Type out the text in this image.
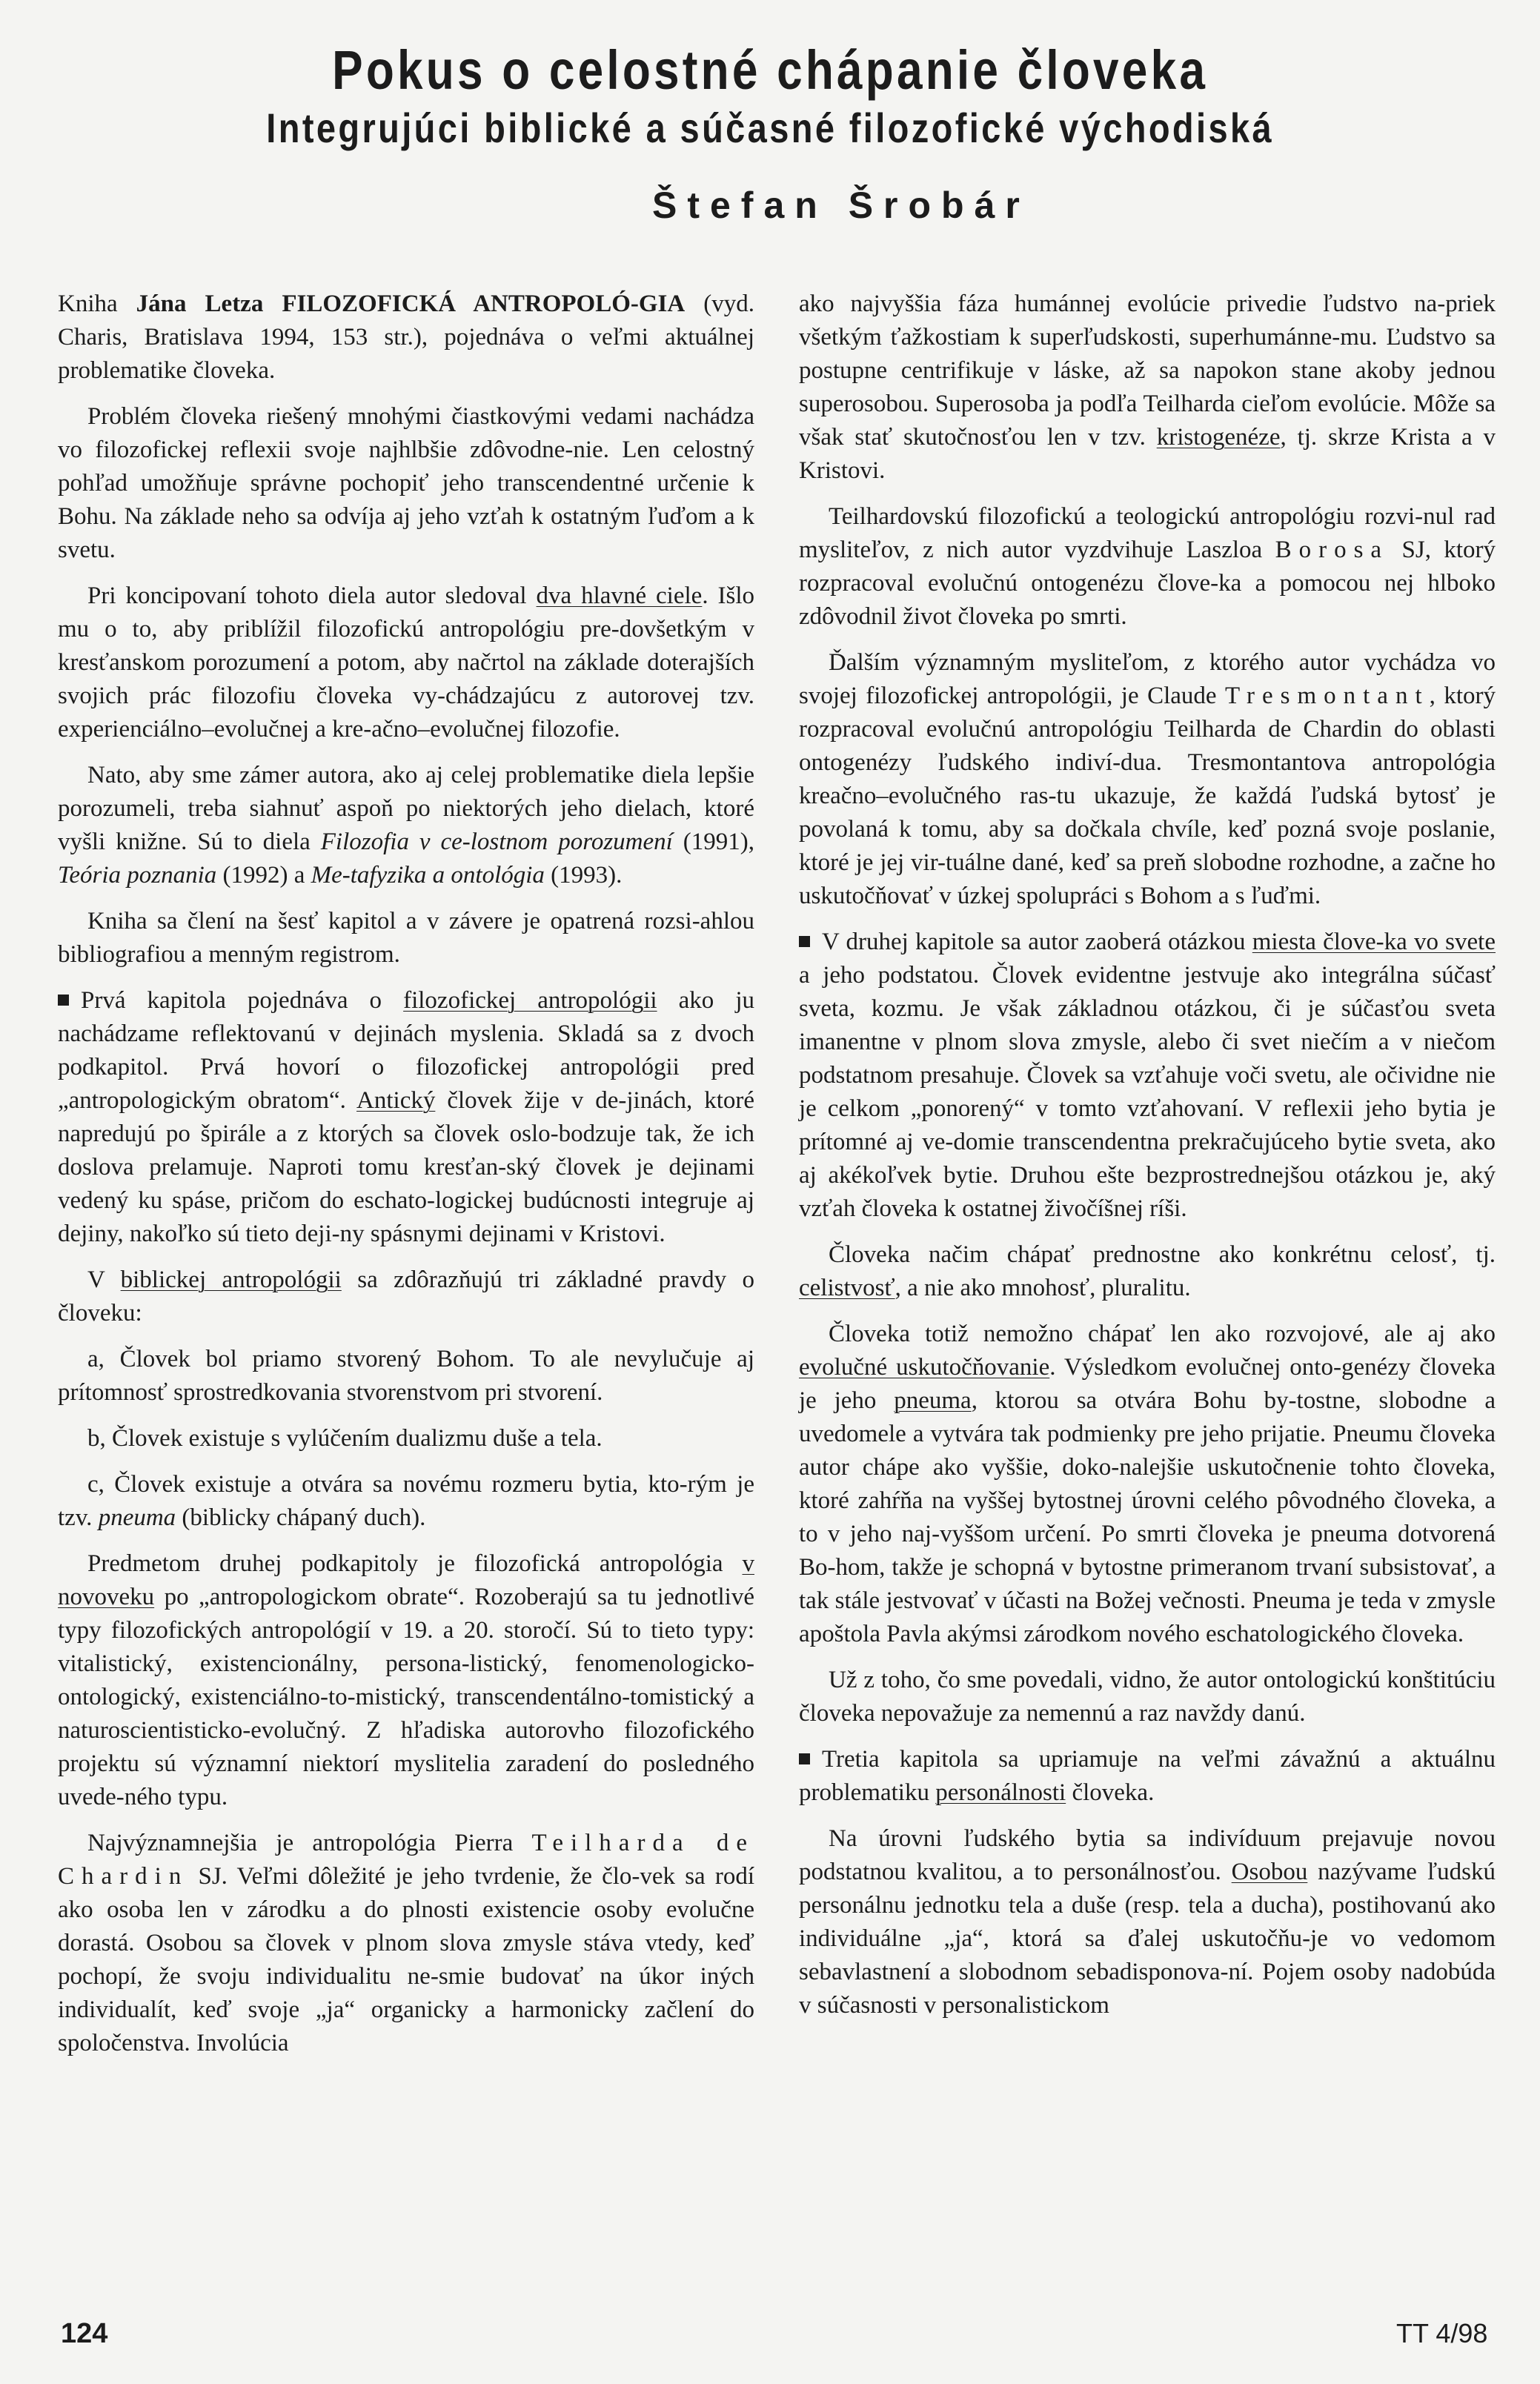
Pokus o celostné chápanie človeka
Integrujúci biblické a súčasné filozofické východiská
Štefan Šrobár

Kniha Jána Letza FILOZOFICKÁ ANTROPOLÓ-GIA (vyd. Charis, Bratislava 1994, 153 str.), pojednáva o veľmi aktuálnej problematike človeka.

Problém človeka riešený mnohými čiastkovými vedami nachádza vo filozofickej reflexii svoje najhlbšie zdôvodne-nie. Len celostný pohľad umožňuje správne pochopiť jeho transcendentné určenie k Bohu. Na základe neho sa odvíja aj jeho vzťah k ostatným ľuďom a k svetu.

Pri koncipovaní tohoto diela autor sledoval dva hlavné ciele. Išlo mu o to, aby priblížil filozofickú antropológiu pre-dovšetkým v kresťanskom porozumení a potom, aby načrtol na základe doterajších svojich prác filozofiu človeka vy-chádzajúcu z autorovej tzv. experienciálno–evolučnej a kre-ačno–evolučnej filozofie.

Nato, aby sme zámer autora, ako aj celej problematike diela lepšie porozumeli, treba siahnuť aspoň po niektorých jeho dielach, ktoré vyšli knižne. Sú to diela Filozofia v ce-lostnom porozumení (1991), Teória poznania (1992) a Me-tafyzika a ontológia (1993).

Kniha sa člení na šesť kapitol a v závere je opatrená rozsi-ahlou bibliografiou a menným registrom.

Prvá kapitola pojednáva o filozofickej antropológii ako ju nachádzame reflektovanú v dejinách myslenia. Skladá sa z dvoch podkapitol. Prvá hovorí o filozofickej antropológii pred „antropologickým obratom“. Antický človek žije v de-jinách, ktoré napredujú po špirále a z ktorých sa človek oslo-bodzuje tak, že ich doslova prelamuje. Naproti tomu kresťan-ský človek je dejinami vedený ku spáse, pričom do eschato-logickej budúcnosti integruje aj dejiny, nakoľko sú tieto deji-ny spásnymi dejinami v Kristovi.

V biblickej antropológii sa zdôrazňujú tri základné pravdy o človeku:

a, Človek bol priamo stvorený Bohom. To ale nevylučuje aj prítomnosť sprostredkovania stvorenstvom pri stvorení.

b, Človek existuje s vylúčením dualizmu duše a tela.

c, Človek existuje a otvára sa novému rozmeru bytia, kto-rým je tzv. pneuma (biblicky chápaný duch).

Predmetom druhej podkapitoly je filozofická antropológia v novoveku po „antropologickom obrate“. Rozoberajú sa tu jednotlivé typy filozofických antropológií v 19. a 20. storočí. Sú to tieto typy: vitalistický, existencionálny, persona-listický, fenomenologicko-ontologický, existenciálno-to-mistický, transcendentálno-tomistický a naturoscientisticko-evolučný. Z hľadiska autorovho filozofického projektu sú významní niektorí myslitelia zaradení do posledného uvede-ného typu.

Najvýznamnejšia je antropológia Pierra Teilharda de Chardin SJ. Veľmi dôležité je jeho tvrdenie, že člo-vek sa rodí ako osoba len v zárodku a do plnosti existencie osoby evolučne dorastá. Osobou sa človek v plnom slova zmysle stáva vtedy, keď pochopí, že svoju individualitu ne-smie budovať na úkor iných individualít, keď svoje „ja“ organicky a harmonicky začlení do spoločenstva. Involúcia

ako najvyššia fáza humánnej evolúcie privedie ľudstvo na-priek všetkým ťažkostiam k superľudskosti, superhumánne-mu. Ľudstvo sa postupne centrifikuje v láske, až sa napokon stane akoby jednou superosobou. Superosoba ja podľa Teilharda cieľom evolúcie. Môže sa však stať skutočnosťou len v tzv. kristogenéze, tj. skrze Krista a v Kristovi.

Teilhardovskú filozofickú a teologickú antropológiu rozvi-nul rad mysliteľov, z nich autor vyzdvihuje Laszloa Borosa SJ, ktorý rozpracoval evolučnú ontogenézu člove-ka a pomocou nej hlboko zdôvodnil život človeka po smrti.

Ďalším významným mysliteľom, z ktorého autor vychádza vo svojej filozofickej antropológii, je Claude Tresmontant, ktorý rozpracoval evolučnú antropológiu Teilharda de Chardin do oblasti ontogenézy ľudského indiví-dua. Tresmontantova antropológia kreačno–evolučného ras-tu ukazuje, že každá ľudská bytosť je povolaná k tomu, aby sa dočkala chvíle, keď pozná svoje poslanie, ktoré je jej vir-tuálne dané, keď sa preň slobodne rozhodne, a začne ho uskutočňovať v úzkej spolupráci s Bohom a s ľuďmi.

V druhej kapitole sa autor zaoberá otázkou miesta člove-ka vo svete a jeho podstatou. Človek evidentne jestvuje ako integrálna súčasť sveta, kozmu. Je však základnou otázkou, či je súčasťou sveta imanentne v plnom slova zmysle, alebo či svet niečím a v niečom podstatnom presahuje. Človek sa vzťahuje voči svetu, ale očividne nie je celkom „ponorený“ v tomto vzťahovaní. V reflexii jeho bytia je prítomné aj ve-domie transcendentna prekračujúceho bytie sveta, ako aj akékoľvek bytie. Druhou ešte bezprostrednejšou otázkou je, aký vzťah človeka k ostatnej živočíšnej ríši.

Človeka načim chápať prednostne ako konkrétnu celosť, tj. celistvosť, a nie ako mnohosť, pluralitu.

Človeka totiž nemožno chápať len ako rozvojové, ale aj ako evolučné uskutočňovanie. Výsledkom evolučnej onto-genézy človeka je jeho pneuma, ktorou sa otvára Bohu by-tostne, slobodne a uvedomele a vytvára tak podmienky pre jeho prijatie. Pneumu človeka autor chápe ako vyššie, doko-nalejšie uskutočnenie tohto človeka, ktoré zahŕňa na vyššej bytostnej úrovni celého pôvodného človeka, a to v jeho naj-vyššom určení. Po smrti človeka je pneuma dotvorená Bo-hom, takže je schopná v bytostne primeranom trvaní subsistovať, a tak stále jestvovať v účasti na Božej večnosti. Pneuma je teda v zmysle apoštola Pavla akýmsi zárodkom nového eschatologického človeka.

Už z toho, čo sme povedali, vidno, že autor ontologickú konštitúciu človeka nepovažuje za nemennú a raz navždy danú.

Tretia kapitola sa upriamuje na veľmi závažnú a aktuálnu problematiku personálnosti človeka.

Na úrovni ľudského bytia sa indivíduum prejavuje novou podstatnou kvalitou, a to personálnosťou. Osobou nazývame ľudskú personálnu jednotku tela a duše (resp. tela a ducha), postihovanú ako individuálne „ja“, ktorá sa ďalej uskutočňu-je vo vedomom sebavlastnení a slobodnom sebadisponova-ní. Pojem osoby nadobúda v súčasnosti v personalistickom

124	TT 4/98
